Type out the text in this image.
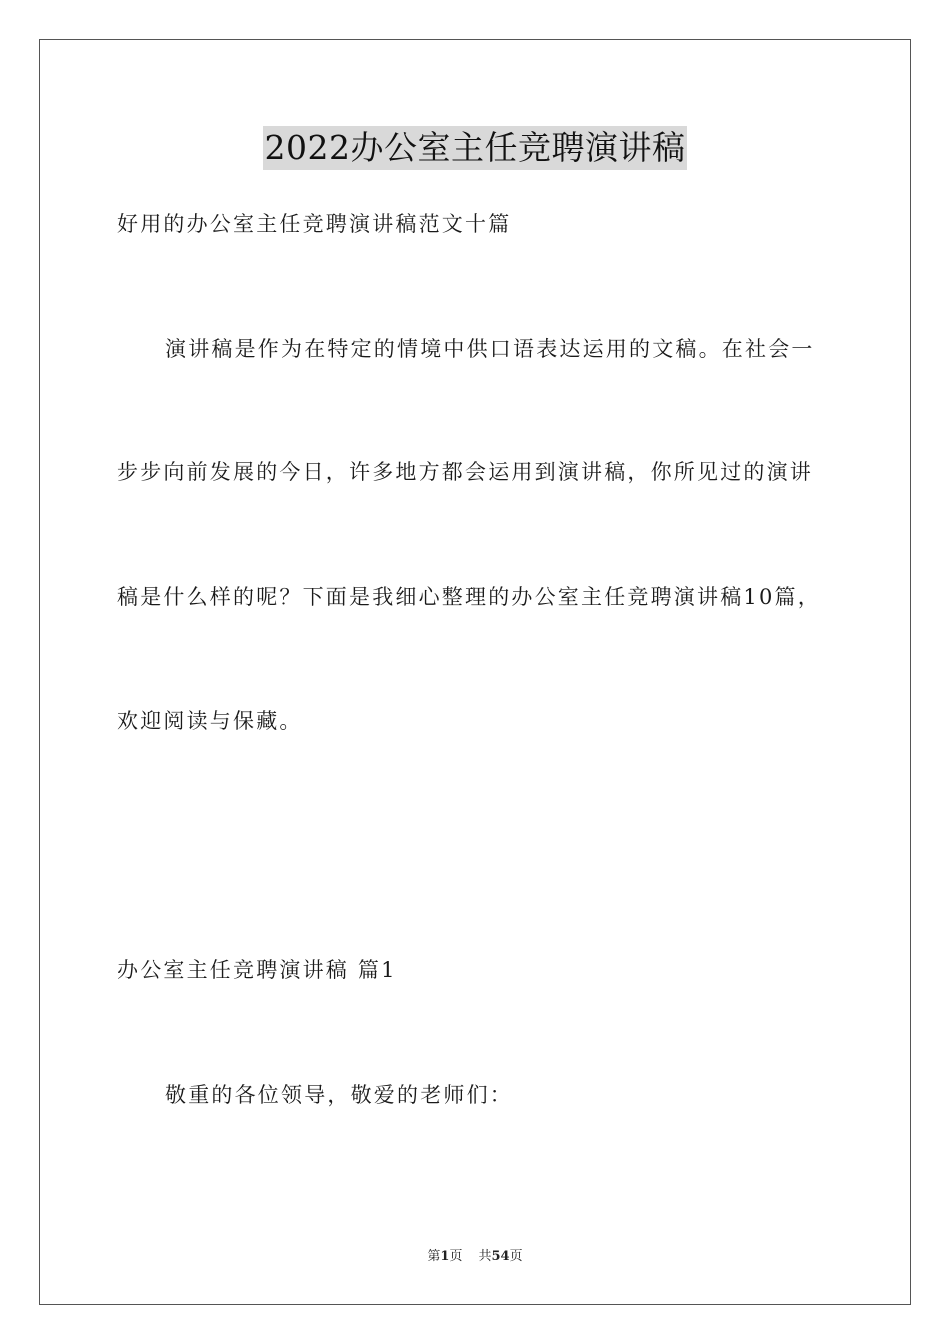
2022办公室主任竞聘演讲稿
好用的办公室主任竞聘演讲稿范文十篇
演讲稿是作为在特定的情境中供口语表达运用的文稿。在社会一
步步向前发展的今日，许多地方都会运用到演讲稿，你所见过的演讲
稿是什么样的呢？下面是我细心整理的办公室主任竞聘演讲稿10篇，
欢迎阅读与保藏。
办公室主任竞聘演讲稿 篇1
敬重的各位领导，敬爱的老师们：
第1页 共54页
